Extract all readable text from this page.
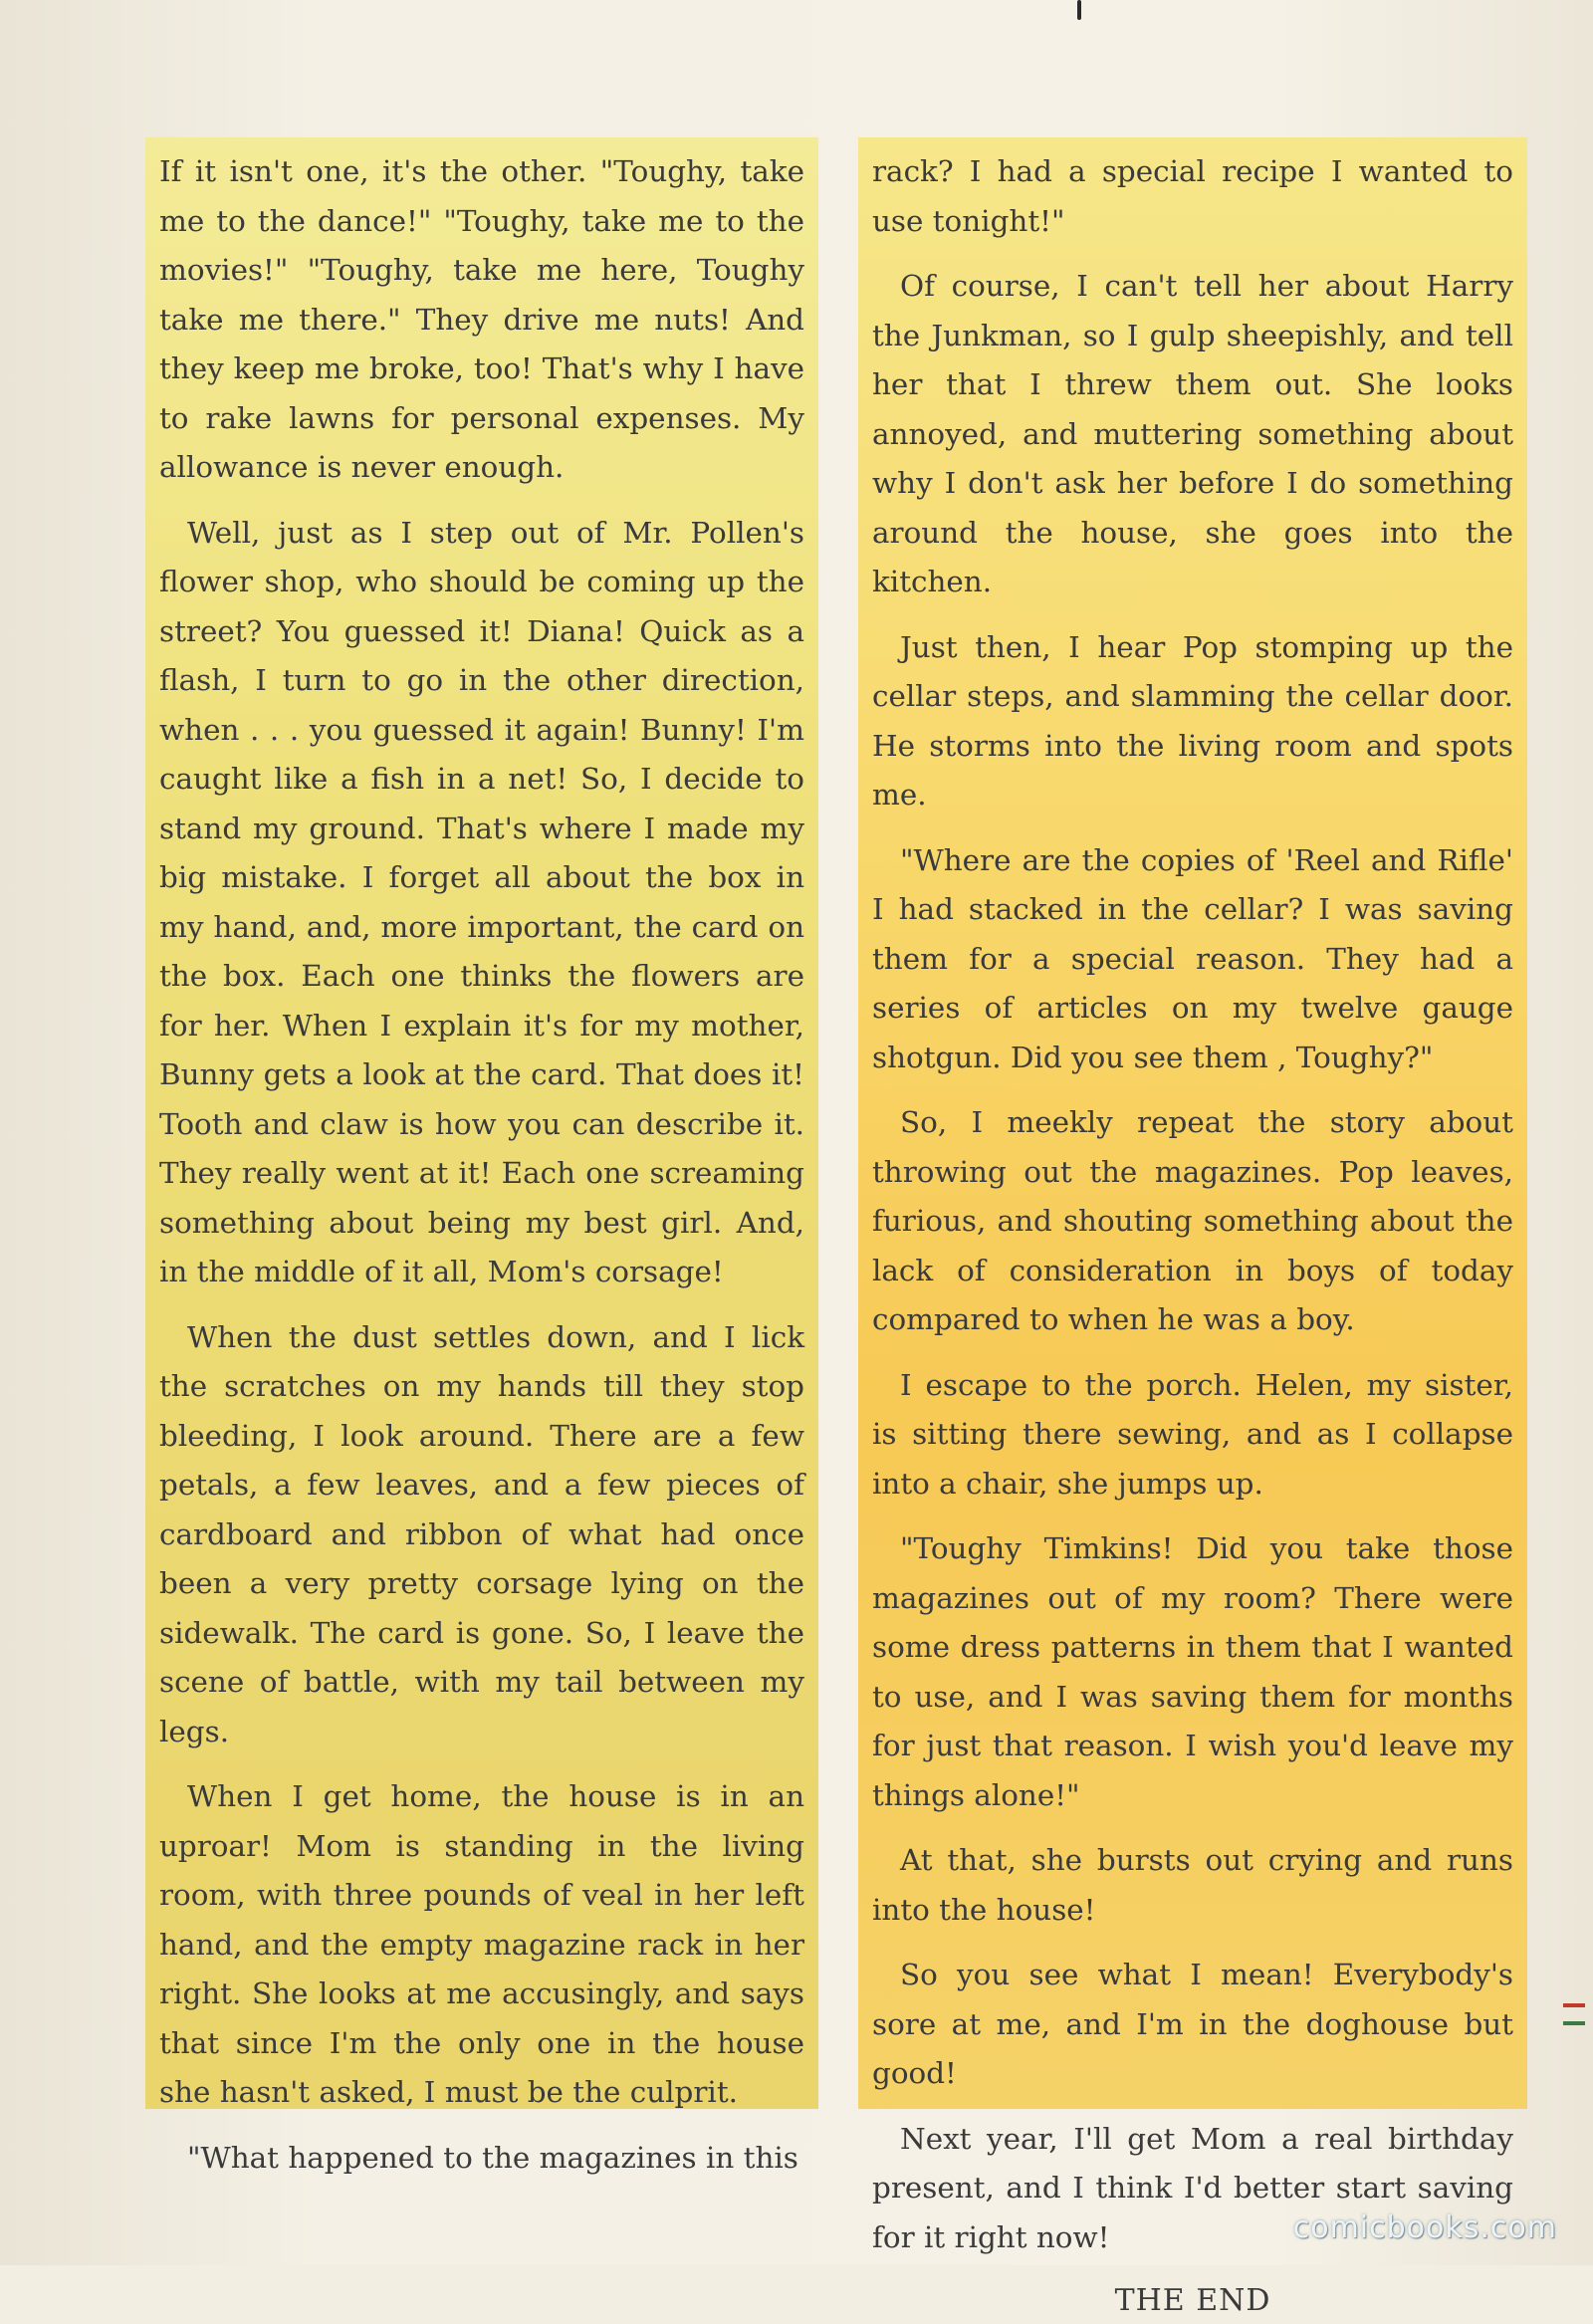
If it isn't one, it's the other. "Toughy, take me to the dance!" "Toughy, take me to the movies!" "Toughy, take me here, Toughy take me there." They drive me nuts! And they keep me broke, too! That's why I have to rake lawns for personal expenses. My allowance is never enough.

Well, just as I step out of Mr. Pollen's flower shop, who should be coming up the street? You guessed it! Diana! Quick as a flash, I turn to go in the other direction, when . . . you guessed it again! Bunny! I'm caught like a fish in a net! So, I decide to stand my ground. That's where I made my big mistake. I forget all about the box in my hand, and, more important, the card on the box. Each one thinks the flowers are for her. When I explain it's for my mother, Bunny gets a look at the card. That does it! Tooth and claw is how you can describe it. They really went at it! Each one screaming something about being my best girl. And, in the middle of it all, Mom's corsage!

When the dust settles down, and I lick the scratches on my hands till they stop bleeding, I look around. There are a few petals, a few leaves, and a few pieces of cardboard and ribbon of what had once been a very pretty corsage lying on the sidewalk. The card is gone. So, I leave the scene of battle, with my tail between my legs.

When I get home, the house is in an uproar! Mom is standing in the living room, with three pounds of veal in her left hand, and the empty magazine rack in her right. She looks at me accusingly, and says that since I'm the only one in the house she hasn't asked, I must be the culprit.

"What happened to the magazines in this

rack? I had a special recipe I wanted to use tonight!"

Of course, I can't tell her about Harry the Junkman, so I gulp sheepishly, and tell her that I threw them out. She looks annoyed, and muttering something about why I don't ask her before I do something around the house, she goes into the kitchen.

Just then, I hear Pop stomping up the cellar steps, and slamming the cellar door. He storms into the living room and spots me.

"Where are the copies of 'Reel and Rifle' I had stacked in the cellar? I was saving them for a special reason. They had a series of articles on my twelve gauge shotgun. Did you see them , Toughy?"

So, I meekly repeat the story about throwing out the magazines. Pop leaves, furious, and shouting something about the lack of consideration in boys of today compared to when he was a boy.

I escape to the porch. Helen, my sister, is sitting there sewing, and as I collapse into a chair, she jumps up.

"Toughy Timkins! Did you take those magazines out of my room? There were some dress patterns in them that I wanted to use, and I was saving them for months for just that reason. I wish you'd leave my things alone!"

At that, she bursts out crying and runs into the house!

So you see what I mean! Everybody's sore at me, and I'm in the doghouse but good!

Next year, I'll get Mom a real birthday present, and I think I'd better start saving for it right now!

THE END
comicbooks.com
